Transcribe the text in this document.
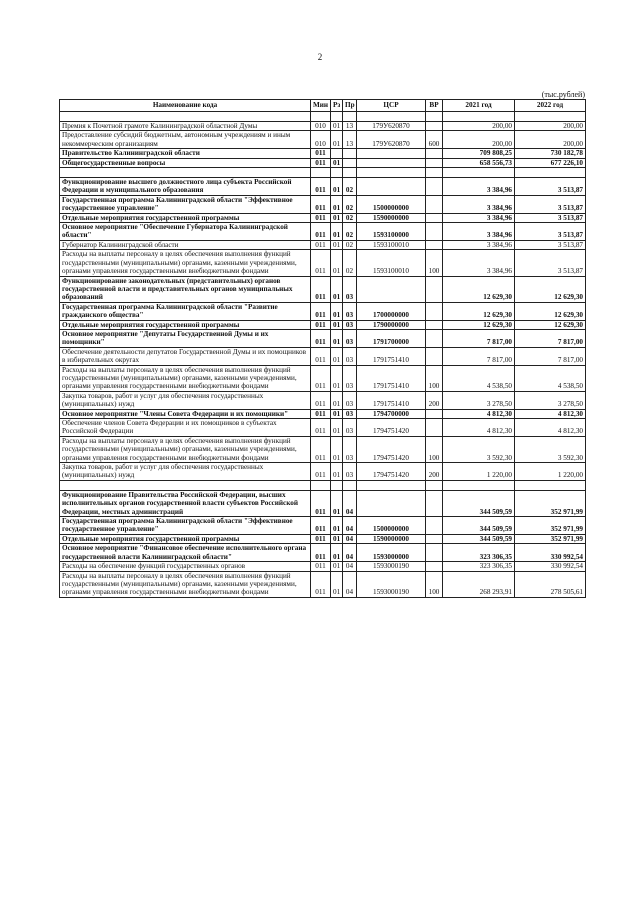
2
(тыс.рублей)
Наименование кода	Мин	Рз	Пр	ЦСР	ВР	2021 год	2022 год

Премия к Почетной грамоте Калининградской областной Думы	010	01	13	179У620870		200,00	200,00
Предоставление субсидий бюджетным, автономным учреждениям и иным некоммерческим организациям	010	01	13	179У620870	600	200,00	200,00
Правительство Калининградской области	011					709 808,25	730 182,78
Общегосударственные вопросы	011	01				658 556,73	677 226,10

Функционирование высшего должностного лица субъекта Российской Федерации и муниципального образования	011	01	02			3 384,96	3 513,87
Государственная программа Калининградской области "Эффективное государственное управление"	011	01	02	1500000000		3 384,96	3 513,87
Отдельные мероприятия государственной программы	011	01	02	1590000000		3 384,96	3 513,87
Основное мероприятие "Обеспечение Губернатора Калининградской области"	011	01	02	1593100000		3 384,96	3 513,87
Губернатор Калининградской области	011	01	02	1593100010		3 384,96	3 513,87
Расходы на выплаты персоналу в целях обеспечения выполнения функций государственными (муниципальными) органами, казенными учреждениями, органами управления государственными внебюджетными фондами	011	01	02	1593100010	100	3 384,96	3 513,87
Функционирование законодательных (представительных) органов государственной власти и представительных органов муниципальных образований	011	01	03			12 629,30	12 629,30
Государственная программа Калининградской области "Развитие гражданского общества"	011	01	03	1700000000		12 629,30	12 629,30
Отдельные мероприятия государственной программы	011	01	03	1790000000		12 629,30	12 629,30
Основное мероприятие "Депутаты Государственной Думы и их помощники"	011	01	03	1791700000		7 817,00	7 817,00
Обеспечение деятельности депутатов Государственной Думы и их помощников в избирательных округах	011	01	03	1791751410		7 817,00	7 817,00
Расходы на выплаты персоналу в целях обеспечения выполнения функций государственными (муниципальными) органами, казенными учреждениями, органами управления государственными внебюджетными фондами	011	01	03	1791751410	100	4 538,50	4 538,50
Закупка товаров, работ и услуг для обеспечения государственных (муниципальных) нужд	011	01	03	1791751410	200	3 278,50	3 278,50
Основное мероприятие "Члены Совета Федерации и их помощники"	011	01	03	1794700000		4 812,30	4 812,30
Обеспечение членов Совета Федерации и их помощников в субъектах Российской Федерации	011	01	03	1794751420		4 812,30	4 812,30
Расходы на выплаты персоналу в целях обеспечения выполнения функций государственными (муниципальными) органами, казенными учреждениями, органами управления государственными внебюджетными фондами	011	01	03	1794751420	100	3 592,30	3 592,30
Закупка товаров, работ и услуг для обеспечения государственных (муниципальных) нужд	011	01	03	1794751420	200	1 220,00	1 220,00

Функционирование Правительства Российской Федерации, высших исполнительных органов государственной власти субъектов Российской Федерации, местных администраций	011	01	04			344 509,59	352 971,99
Государственная программа Калининградской области "Эффективное государственное управление"	011	01	04	1500000000		344 509,59	352 971,99
Отдельные мероприятия государственной программы	011	01	04	1590000000		344 509,59	352 971,99
Основное мероприятие "Финансовое обеспечение исполнительного органа государственной власти Калининградской области"	011	01	04	1593000000		323 306,35	330 992,54
Расходы на обеспечение функций государственных органов	011	01	04	1593000190		323 306,35	330 992,54
Расходы на выплаты персоналу в целях обеспечения выполнения функций государственными (муниципальными) органами, казенными учреждениями, органами управления государственными внебюджетными фондами	011	01	04	1593000190	100	268 293,91	278 505,61
